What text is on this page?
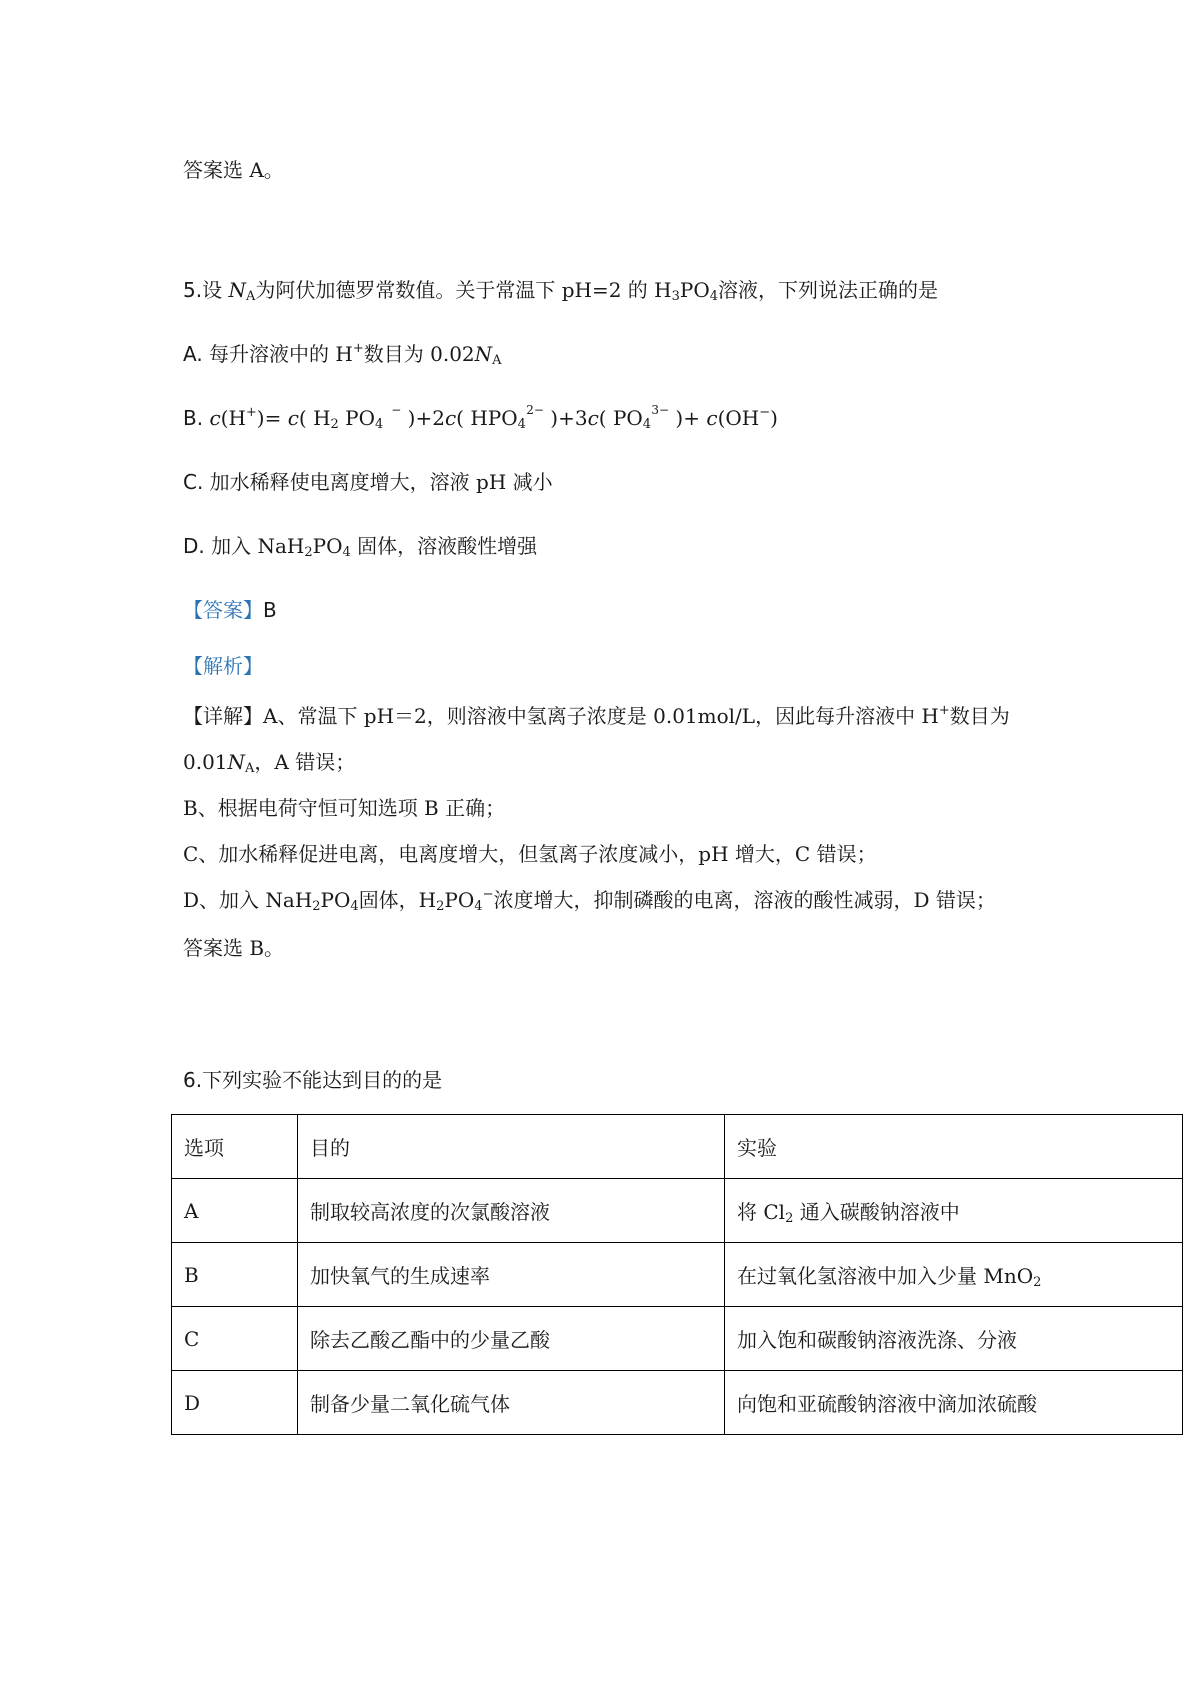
答案选 A。
5.设 $N_A$为阿伏加德罗常数值。关于常温下 pH=2 的 $H_3PO_4$溶液，下列说法正确的是
A. 每升溶液中的 H+数目为 $0.02N_A$
B. c(H+)= c( $H_2$ $PO_4$
− )+2c( $HPO_4$
2− )+3c( $PO_4$
3− )+ c(OH−)
C. 加水稀释使电离度增大，溶液 pH 减小
D. 加入 $NaH_2PO_4$ 固体，溶液酸性增强
【答案】B
【解析】
【详解】A、常温下 pH＝2，则溶液中氢离子浓度是 0.01mol/L，因此每升溶液中 H+数目为
$0.01N_A$，A 错误；
B、根据电荷守恒可知选项 B 正确；
C、加水稀释促进电离，电离度增大，但氢离子浓度减小，pH 增大，C 错误；
D、加入 $NaH_2PO_4$固体，$H_2PO_4^-$浓度增大，抑制磷酸的电离，溶液的酸性减弱，D 错误；
答案选 B。
6.下列实验不能达到目的的是
选项	目的	实验
A	制取较高浓度的次氯酸溶液	将 $Cl_2$ 通入碳酸钠溶液中
B	加快氧气的生成速率	在过氧化氢溶液中加入少量 MnO$_2$
C	除去乙酸乙酯中的少量乙酸	加入饱和碳酸钠溶液洗涤、分液
D	制备少量二氧化硫气体	向饱和亚硫酸钠溶液中滴加浓硫酸
